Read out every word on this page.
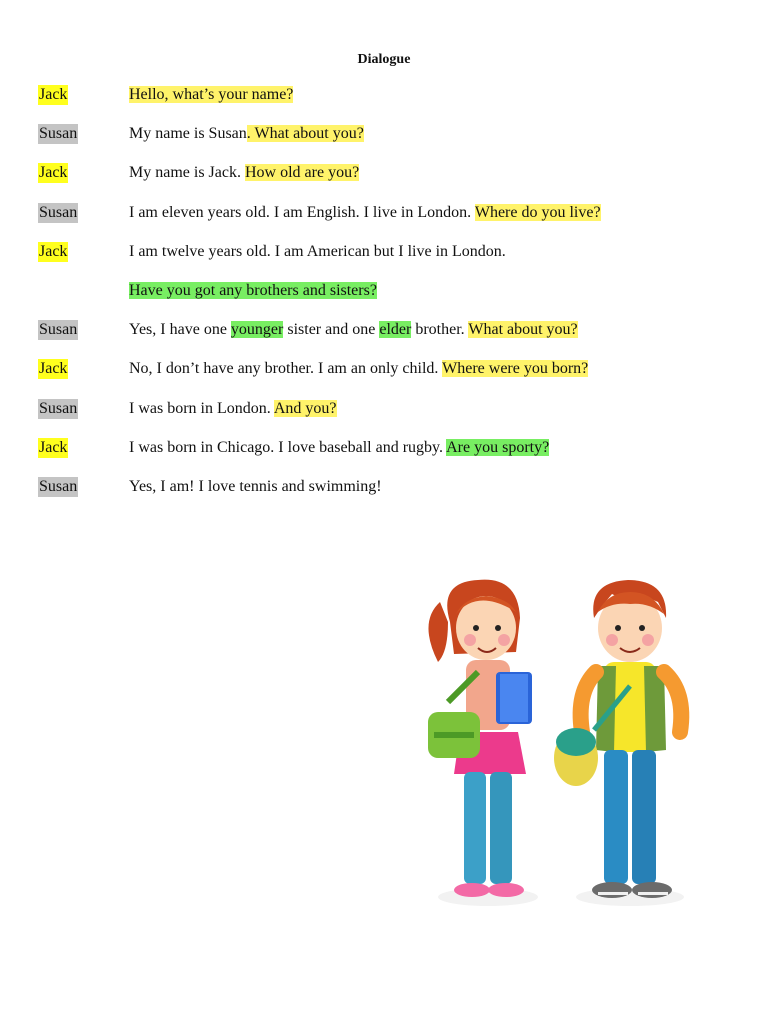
Dialogue
Jack	Hello, what’s your name?
Susan	My name is Susan. What about you?
Jack	My name is Jack. How old are you?
Susan	I am eleven years old. I am English. I live in London. Where do you live?
Jack	I am twelve years old. I am American but I live in London.
Have you got any brothers and sisters?
Susan	Yes, I have one younger sister and one elder brother. What about you?
Jack	No, I don’t have any brother. I am an only child. Where were you born?
Susan	I was born in London. And you?
Jack	I was born in Chicago. I love baseball and rugby. Are you sporty?
Susan	Yes, I am! I love tennis and swimming!
